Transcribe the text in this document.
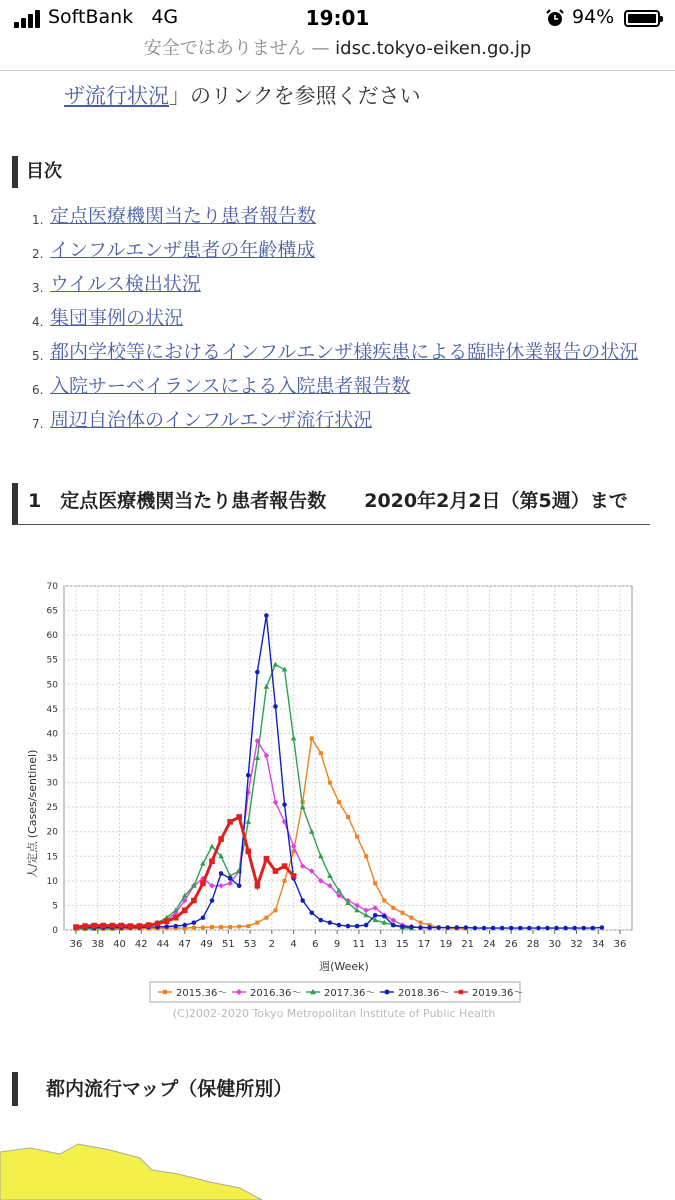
SoftBank 4G	19:01	94%
安全ではありません — idsc.tokyo-eiken.go.jp
ザ流行状況」のリンクを参照ください
目次
1. 定点医療機関当たり患者報告数
2. インフルエンザ患者の年齢構成
3. ウイルス検出状況
4. 集団事例の状況
5. 都内学校等におけるインフルエンザ様疾患による臨時休業報告の状況
6. 入院サーベイランスによる入院患者報告数
7. 周辺自治体のインフルエンザ流行状況
1　定点医療機関当たり患者報告数　　2020年2月2日（第5週）まで
人/定点 (Cases/sentinel)
週(Week)
(C)2002-2020 Tokyo Metropolitan Institute of Public Health
0
5
10
15
20
25
30
35
40
45
50
55
60
65
70
36 38 40 42 44 47 49 51 53 2 4 6 9 11 13 15 17 19 21 24 26 28 30 32 34 36
2015.36〜 2016.36〜 2017.36〜 2018.36〜 2019.36〜
都内流行マップ（保健所別）
